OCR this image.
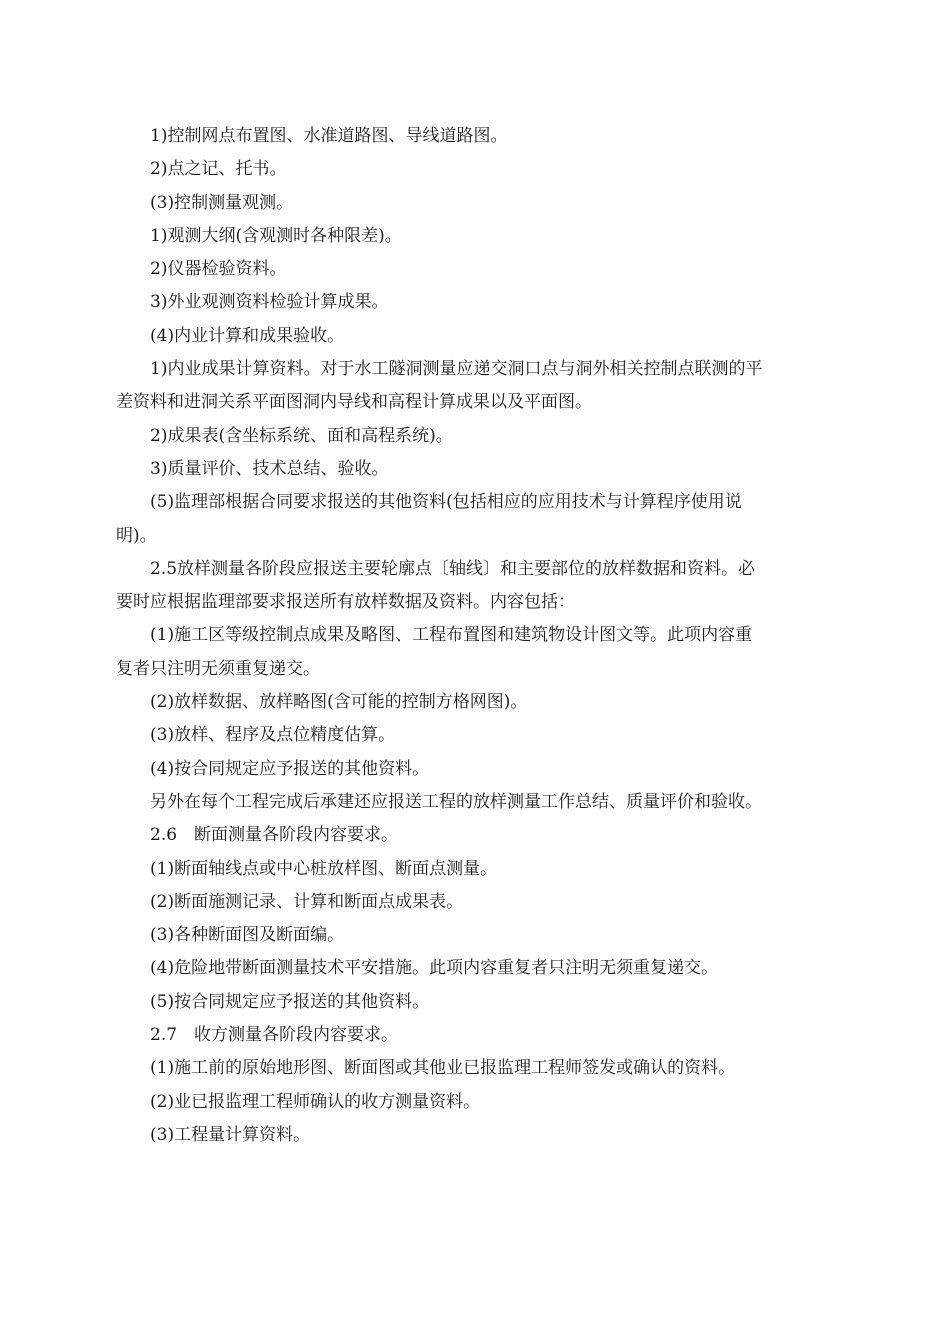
1)控制网点布置图、水准道路图、导线道路图。
2)点之记、托书。
(3)控制测量观测。
1)观测大纲(含观测时各种限差)。
2)仪器检验资料。
3)外业观测资料检验计算成果。
(4)内业计算和成果验收。
1)内业成果计算资料。对于水工隧洞测量应递交洞口点与洞外相关控制点联测的平
差资料和进洞关系平面图洞内导线和高程计算成果以及平面图。
2)成果表(含坐标系统、面和高程系统)。
3)质量评价、技术总结、验收。
(5)监理部根据合同要求报送的其他资料(包括相应的应用技术与计算程序使用说
明)。
2.5放样测量各阶段应报送主要轮廓点〔轴线〕和主要部位的放样数据和资料。必
要时应根据监理部要求报送所有放样数据及资料。内容包括：
(1)施工区等级控制点成果及略图、工程布置图和建筑物设计图文等。此项内容重
复者只注明无须重复递交。
(2)放样数据、放样略图(含可能的控制方格网图)。
(3)放样、程序及点位精度估算。
(4)按合同规定应予报送的其他资料。
另外在每个工程完成后承建还应报送工程的放样测量工作总结、质量评价和验收。
2.6　断面测量各阶段内容要求。
(1)断面轴线点或中心桩放样图、断面点测量。
(2)断面施测记录、计算和断面点成果表。
(3)各种断面图及断面编。
(4)危险地带断面测量技术平安措施。此项内容重复者只注明无须重复递交。
(5)按合同规定应予报送的其他资料。
2.7　收方测量各阶段内容要求。
(1)施工前的原始地形图、断面图或其他业已报监理工程师签发或确认的资料。
(2)业已报监理工程师确认的收方测量资料。
(3)工程量计算资料。
